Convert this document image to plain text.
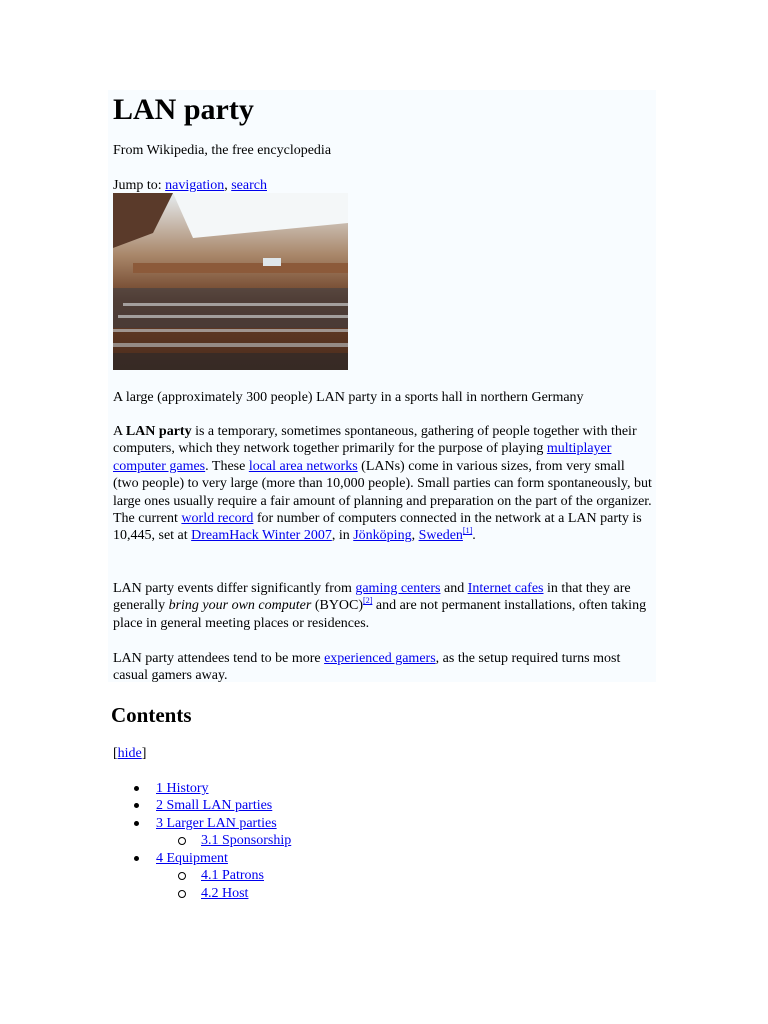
LAN party

From Wikipedia, the free encyclopedia

Jump to: navigation, search

A large (approximately 300 people) LAN party in a sports hall in northern Germany

A LAN party is a temporary, sometimes spontaneous, gathering of people together with their computers, which they network together primarily for the purpose of playing multiplayer computer games. These local area networks (LANs) come in various sizes, from very small (two people) to very large (more than 10,000 people). Small parties can form spontaneously, but large ones usually require a fair amount of planning and preparation on the part of the organizer. The current world record for number of computers connected in the network at a LAN party is 10,445, set at DreamHack Winter 2007, in Jönköping, Sweden[1].

LAN party events differ significantly from gaming centers and Internet cafes in that they are generally bring your own computer (BYOC)[2] and are not permanent installations, often taking place in general meeting places or residences.

LAN party attendees tend to be more experienced gamers, as the setup required turns most casual gamers away.

Contents

[hide]

1 History
2 Small LAN parties
3 Larger LAN parties
3.1 Sponsorship
4 Equipment
4.1 Patrons
4.2 Host
